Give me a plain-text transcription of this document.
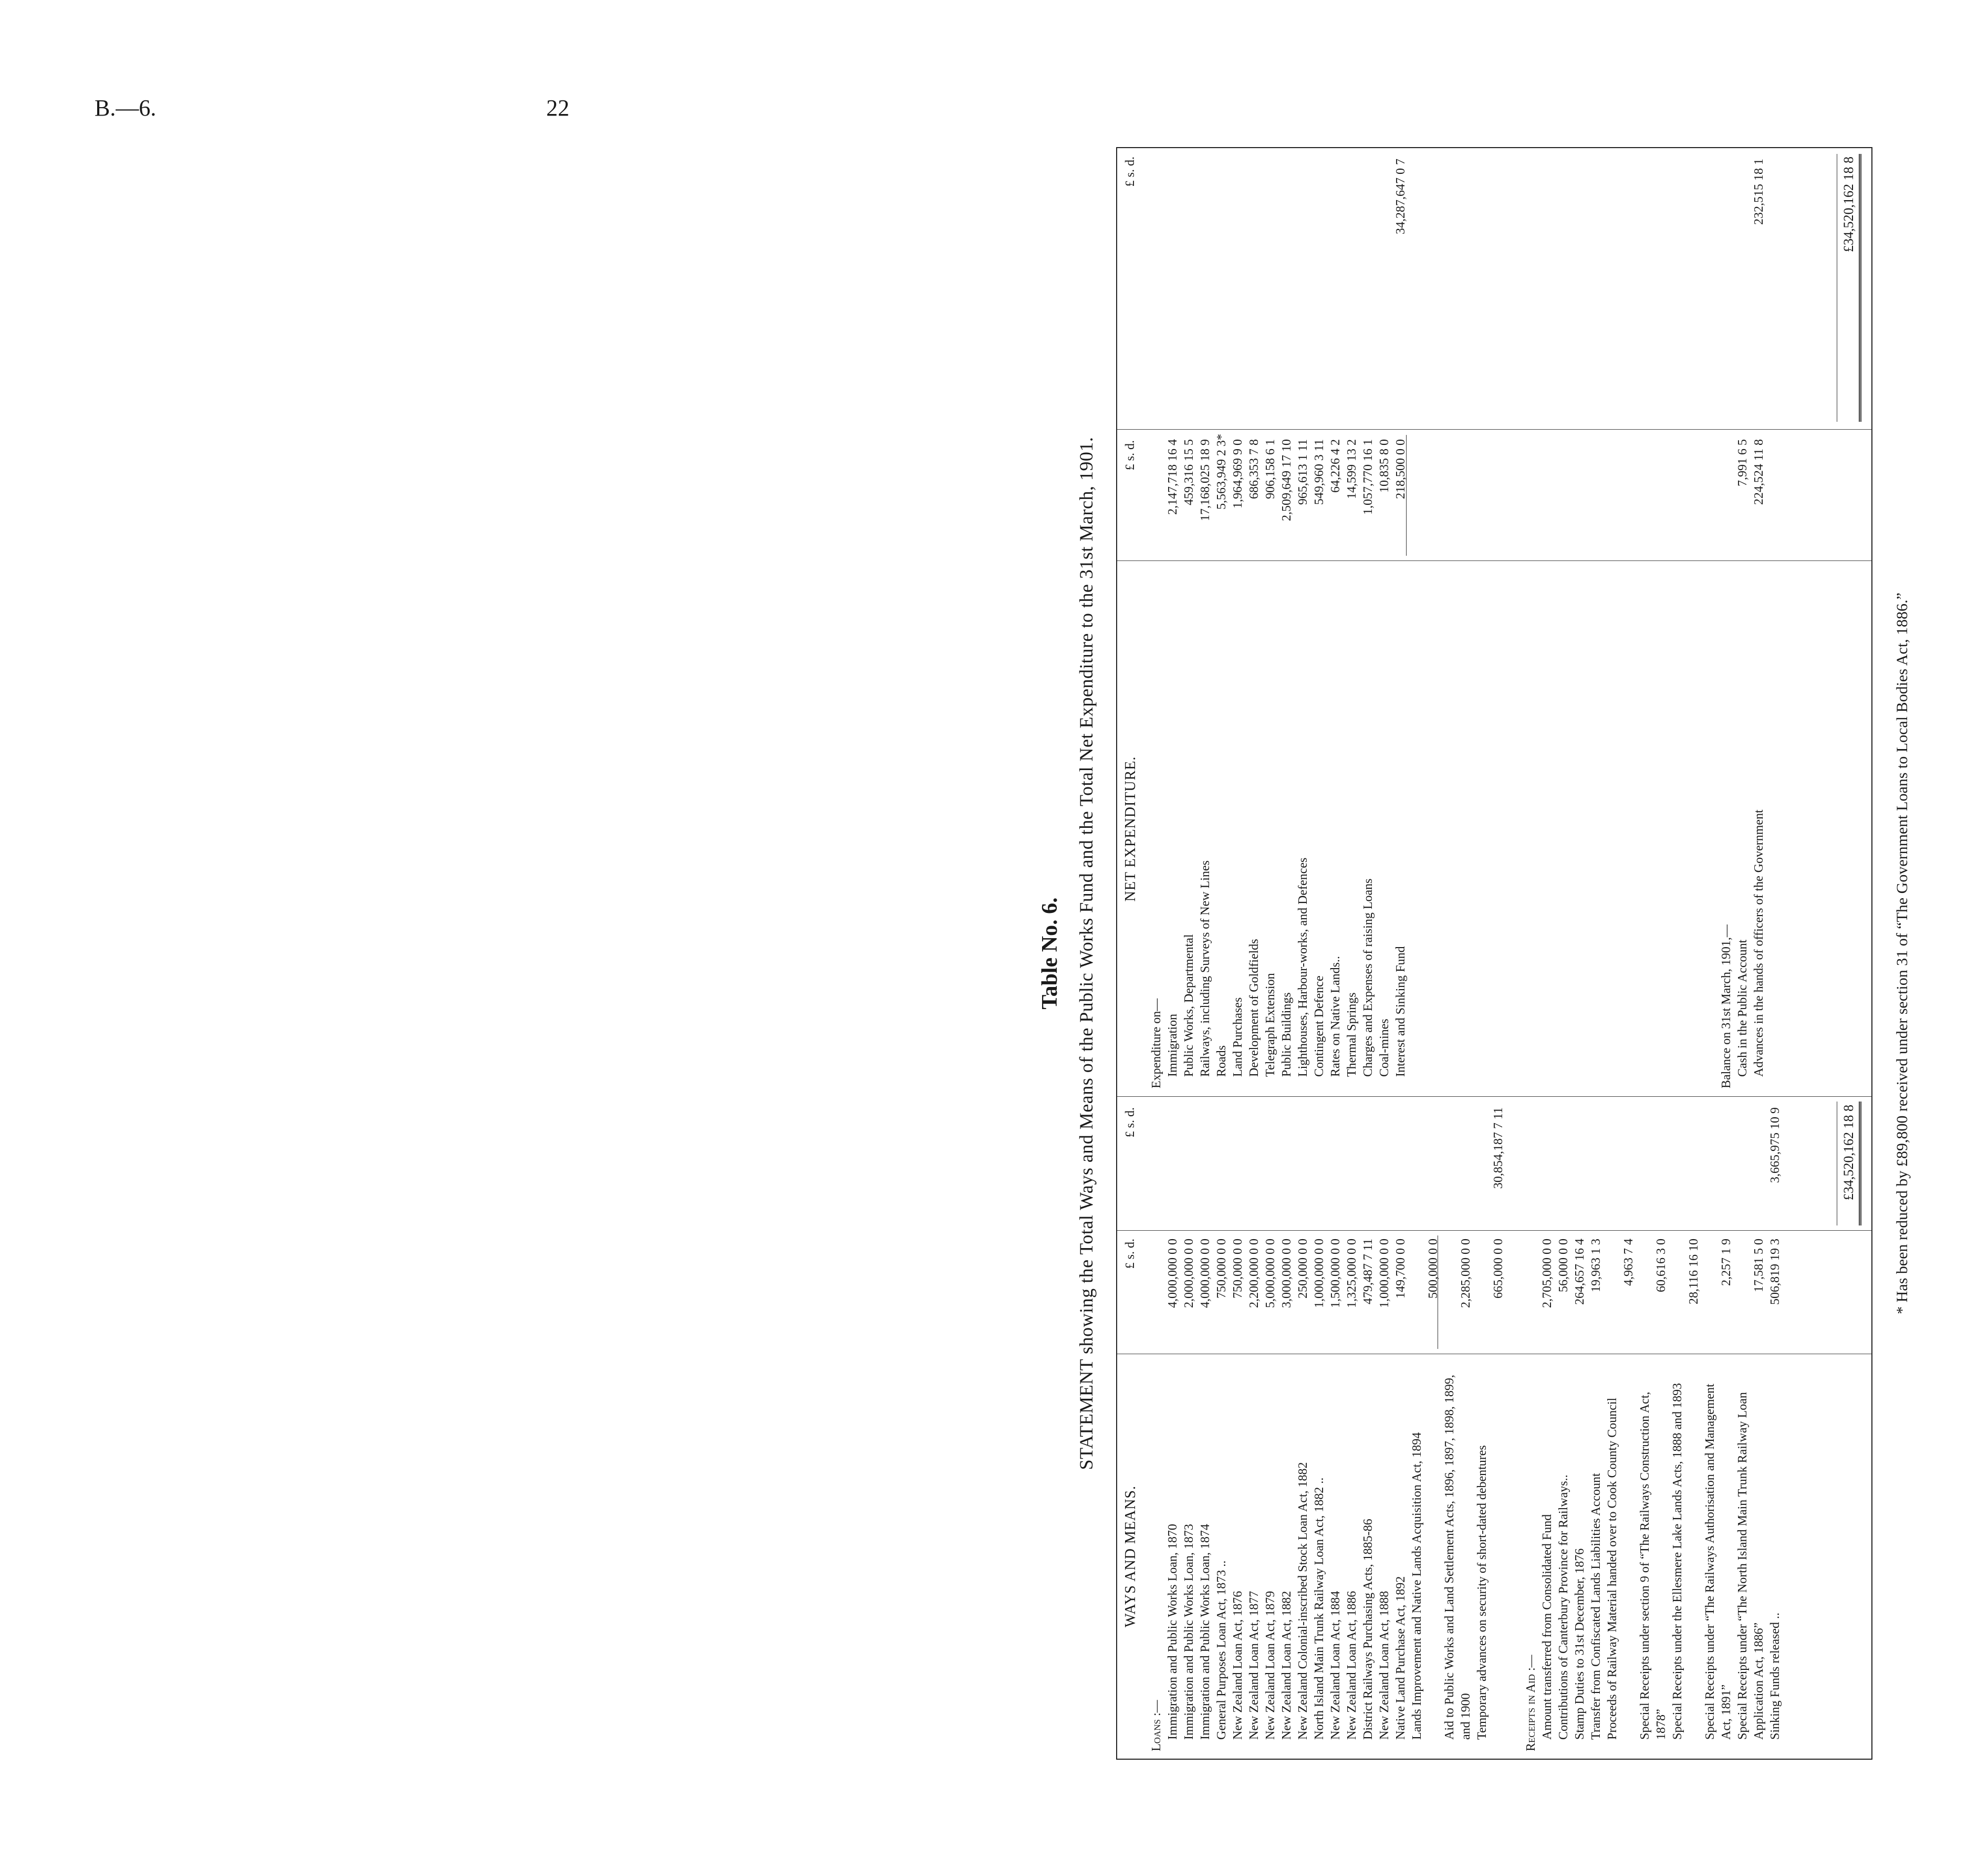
B.—6.	22
Table No. 6. STATEMENT showing the Total Ways and Means of the Public Works Fund and the Total Net Expenditure to the 31st March, 1901.
WAYS AND MEANS.
£ s. d.
£ s. d.
NET EXPENDITURE.
£ s. d.
£ s. d.
Loans :— Immigration and Public Works Loan, 1870
4,000,000 0 0
Immigration and Public Works Loan, 1873
2,000,000 0 0
Immigration and Public Works Loan, 1874
4,000,000 0 0
General Purposes Loan Act, 1873 ..
750,000 0 0
New Zealand Loan Act, 1876
750,000 0 0
New Zealand Loan Act, 1877
2,200,000 0 0
New Zealand Loan Act, 1879
5,000,000 0 0
New Zealand Loan Act, 1882
3,000,000 0 0
New Zealand Colonial-inscribed Stock Loan Act, 1882
250,000 0 0
North Island Main Trunk Railway Loan Act, 1882 ..
1,000,000 0 0
New Zealand Loan Act, 1884
1,500,000 0 0
New Zealand Loan Act, 1886
1,325,000 0 0
District Railways Purchasing Acts, 1885-86
479,487 7 11
New Zealand Loan Act, 1888
1,000,000 0 0
Native Land Purchase Act, 1892
149,700 0 0
Lands Improvement and Native Lands Acquisition Act, 1894
500,000 0 0
Aid to Public Works and Land Settlement Acts, 1896, 1897, 1898, 1899, and 1900
2,285,000 0 0
Temporary advances on security of short-dated debentures
665,000 0 0
30,854,187 7 11
Receipts in Aid :— Amount transferred from Consolidated Fund
2,705,000 0 0
Contributions of Canterbury Province for Railways..
56,000 0 0
Stamp Duties to 31st December, 1876
264,657 16 4
Transfer from Confiscated Lands Liabilities Account
19,963 1 3
Proceeds of Railway Material handed over to Cook County Council
4,963 7 4
Special Receipts under section 9 of “The Railways Construction Act, 1878”
60,616 3 0
Special Receipts under the Ellesmere Lake Lands Acts, 1888 and 1893
28,116 16 10
Special Receipts under “The Railways Authorisation and Management Act, 1891”
2,257 1 9
Special Receipts under “The North Island Main Trunk Railway Loan Application Act, 1886”
17,581 5 0
Sinking Funds released ..
506,819 19 3
3,665,975 10 9
Expenditure on— Immigration
2,147,718 16 4
Public Works, Departmental
459,316 15 5
Railways, including Surveys of New Lines
17,168,025 18 9
Roads
5,563,949 2 3*
Land Purchases
1,964,969 9 0
Development of Goldfields
686,353 7 8
Telegraph Extension
906,158 6 1
Public Buildings
2,509,649 17 10
Lighthouses, Harbour-works, and Defences
965,613 1 11
Contingent Defence
549,960 3 11
Rates on Native Lands..
64,226 4 2
Thermal Springs
14,599 13 2
Charges and Expenses of raising Loans
1,057,770 16 1
Coal-mines
10,835 8 0
Interest and Sinking Fund
218,500 0 0
34,287,647 0 7
Balance on 31st March, 1901,— Cash in the Public Account
7,991 6 5
Advances in the hands of officers of the Government
224,524 11 8
232,515 18 1
£34,520,162 18 8
£34,520,162 18 8
* Has been reduced by £89,800 received under section 31 of “The Government Loans to Local Bodies Act, 1886.”
